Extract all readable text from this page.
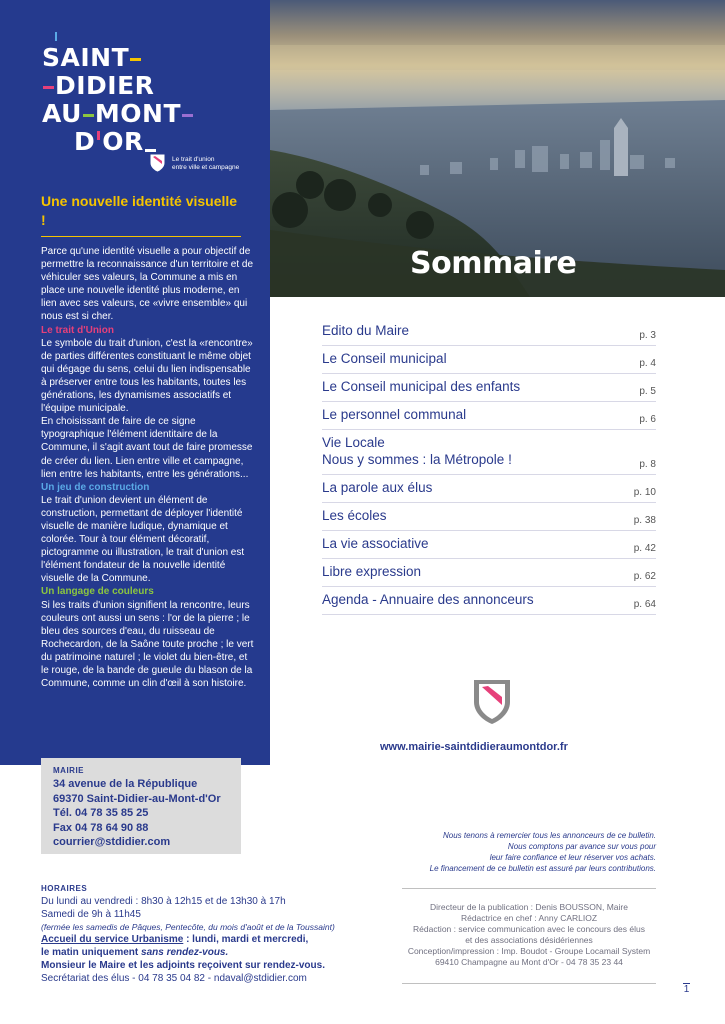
SAINT
DIDIER
AU MONT
D OR
Le trait d'union
entre ville et campagne
Une nouvelle identité visuelle !

Parce qu'une identité visuelle a pour objectif de permettre la reconnaissance d'un territoire et de véhiculer ses valeurs, la Commune a mis en place une nouvelle identité plus moderne, en lien avec ses valeurs, ce «vivre ensemble» qui nous est si cher.

Le trait d'Union

Le symbole du trait d'union, c'est la «rencontre» de parties différentes constituant le même objet qui dégage du sens, celui du lien indispensable à préserver entre tous les habitants, toutes les générations, les dynamismes associatifs et l'équipe municipale.

En choisissant de faire de ce signe typographique l'élément identitaire de la Commune, il s'agit avant tout de faire promesse de créer du lien. Lien entre ville et campagne, lien entre les habitants, entre les générations...

Un jeu de construction

Le trait d'union devient un élément de construction, permettant de déployer l'identité visuelle de manière ludique, dynamique et colorée. Tour à tour élément décoratif, pictogramme ou illustration, le trait d'union est l'élément fondateur de la nouvelle identité visuelle de la Commune.

Un langage de couleurs

Si les traits d'union signifient la rencontre, leurs couleurs ont aussi un sens : l'or de la pierre ; le bleu des sources d'eau, du ruisseau de Rochecardon, de la Saône toute proche ; le vert du patrimoine naturel ; le violet du bien-être, et le rouge, de la bande de gueule du blason de la Commune, comme un clin d'œil à son histoire.

MAIRIE
34 avenue de la République
69370 Saint-Didier-au-Mont-d'Or
Tél. 04 78 35 85 25
Fax 04 78 64 90 88
courrier@stdidier.com
HORAIRES
Du lundi au vendredi : 8h30 à 12h15 et de 13h30 à 17h
Samedi de 9h à 11h45
(fermée les samedis de Pâques, Pentecôte, du mois d'août et de la Toussaint)
Accueil du service Urbanisme : lundi, mardi et mercredi,
le matin uniquement sans rendez-vous.
Monsieur le Maire et les adjoints reçoivent sur rendez-vous.
Secrétariat des élus - 04 78 35 04 82 - ndaval@stdidier.com
Sommaire
Edito du Maire	p. 3
Le Conseil municipal	p. 4
Le Conseil municipal des enfants	p. 5
Le personnel communal	p. 6
Vie Locale
Nous y sommes : la Métropole !	p. 8
La parole aux élus	p. 10
Les écoles	p. 38
La vie associative	p. 42
Libre expression	p. 62
Agenda - Annuaire des annonceurs	p. 64
www.mairie-saintdidieraumontdor.fr
Nous tenons à remercier tous les annonceurs de ce bulletin.
Nous comptons par avance sur vous pour
leur faire confiance et leur réserver vos achats.
Le financement de ce bulletin est assuré par leurs contributions.
Directeur de la publication : Denis BOUSSON, Maire
Rédactrice en chef : Anny CARLIOZ
Rédaction : service communication avec le concours des élus
et des associations désidériennes
Conception/impression : Imp. Boudot - Groupe Locamail System
69410 Champagne au Mont d'Or - 04 78 35 23 44
1
